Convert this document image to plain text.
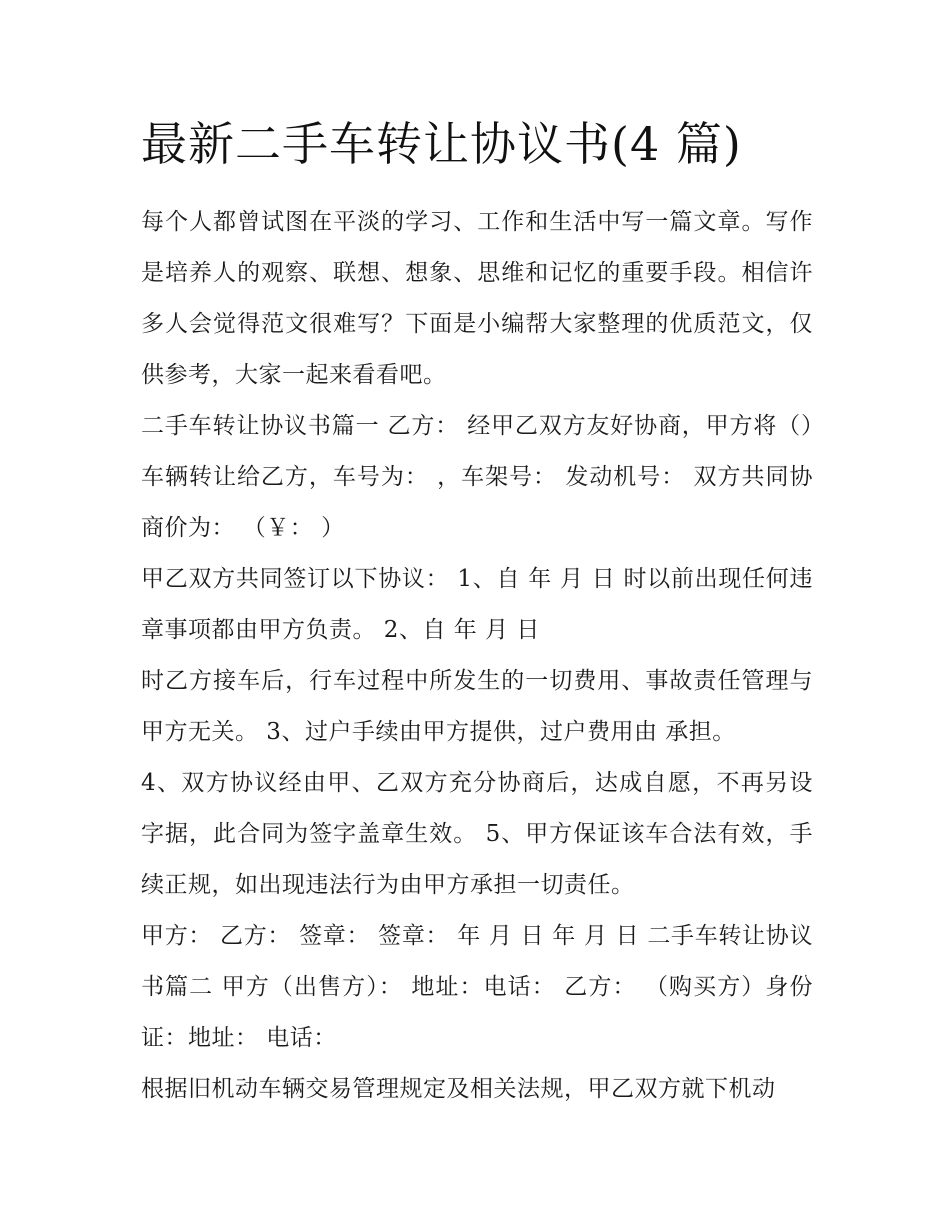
最新二手车转让协议书(4 篇)

每个人都曾试图在平淡的学习、工作和生活中写一篇文章。写作是培养人的观察、联想、想象、思维和记忆的重要手段。相信许多人会觉得范文很难写？下面是小编帮大家整理的优质范文，仅供参考，大家一起来看看吧。

二手车转让协议书篇一 乙方： 经甲乙双方友好协商，甲方将（）车辆转让给乙方，车号为： ，车架号： 发动机号： 双方共同协商价为： （￥： ）

甲乙双方共同签订以下协议： 1、自 年 月 日 时以前出现任何违章事项都由甲方负责。 2、自 年 月 日

时乙方接车后，行车过程中所发生的一切费用、事故责任管理与甲方无关。 3、过户手续由甲方提供，过户费用由 承担。

4、双方协议经由甲、乙双方充分协商后，达成自愿，不再另设字据，此合同为签字盖章生效。 5、甲方保证该车合法有效，手续正规，如出现违法行为由甲方承担一切责任。

甲方： 乙方： 签章： 签章： 年 月 日 年 月 日 二手车转让协议书篇二 甲方（出售方）： 地址：电话： 乙方： （购买方）身份证：地址： 电话：

根据旧机动车辆交易管理规定及相关法规，甲乙双方就下机动
